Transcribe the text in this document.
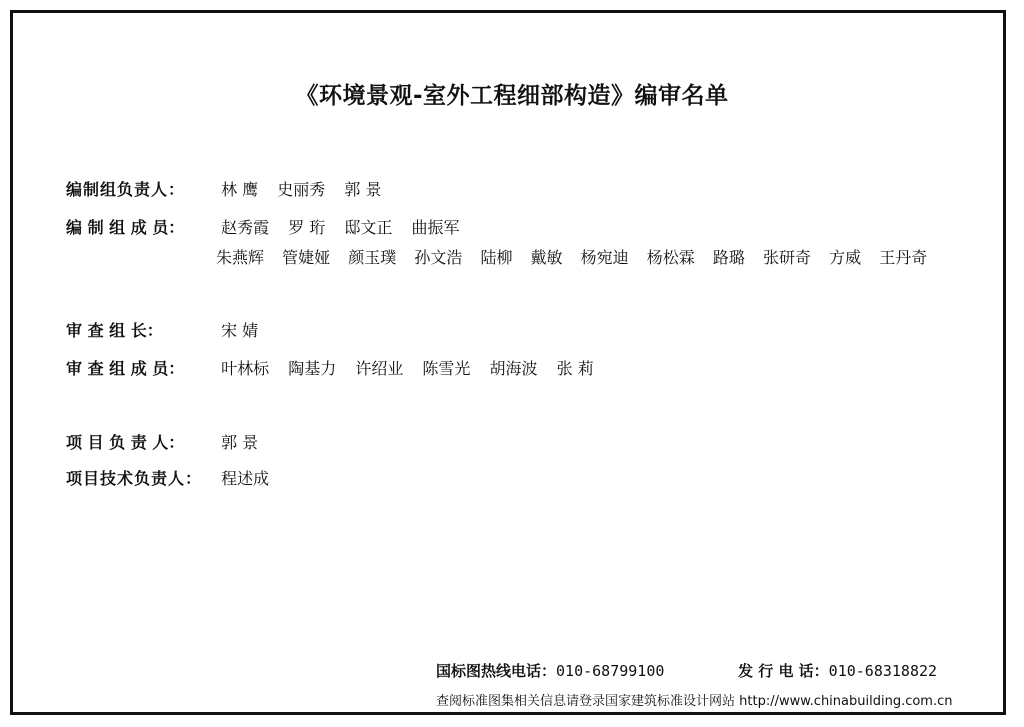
《环境景观-室外工程细部构造》编审名单
编制组负责人： 林 鹰 史丽秀 郭 景
编 制 组 成 员： 赵秀霞 罗 珩 邸文正 曲振军
朱燕辉 管婕娅 颜玉璞 孙文浩 陆柳 戴敏 杨宛迪 杨松霖 路璐 张研奇 方威 王丹奇
审 查 组 长：	宋 婧
审 查 组 成 员： 叶林标 陶基力 许绍业 陈雪光 胡海波 张 莉
项 目 负 责 人： 郭 景
项目技术负责人： 程述成
国标图热线电话：010-68799100	发 行 电 话：010-68318822
查阅标准图集相关信息请登录国家建筑标准设计网站 http://www.chinabuilding.com.cn
